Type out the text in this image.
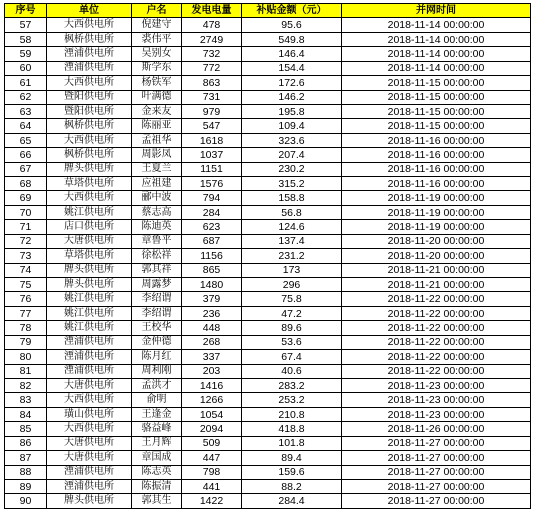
序号	单位	户名	发电电量	补贴金额（元）	并网时间
57	大西供电所	倪建守	478	95.6	2018-11-14 00:00:00
58	枫桥供电所	裘伟平	2749	549.8	2018-11-14 00:00:00
59	湮浦供电所	吴别女	732	146.4	2018-11-14 00:00:00
60	湮浦供电所	斯学东	772	154.4	2018-11-14 00:00:00
61	大西供电所	杨铁军	863	172.6	2018-11-15 00:00:00
62	暨阳供电所	叶满德	731	146.2	2018-11-15 00:00:00
63	暨阳供电所	金来友	979	195.8	2018-11-15 00:00:00
64	枫桥供电所	陈丽亚	547	109.4	2018-11-15 00:00:00
65	大西供电所	孟祖华	1618	323.6	2018-11-16 00:00:00
66	枫桥供电所	周影凤	1037	207.4	2018-11-16 00:00:00
67	牌头供电所	王夏兰	1151	230.2	2018-11-16 00:00:00
68	草塔供电所	应祖建	1576	315.2	2018-11-16 00:00:00
69	大西供电所	郦中波	794	158.8	2018-11-19 00:00:00
70	姚江供电所	蔡志高	284	56.8	2018-11-19 00:00:00
71	店口供电所	陈迪英	623	124.6	2018-11-19 00:00:00
72	大唐供电所	章鲁平	687	137.4	2018-11-20 00:00:00
73	草塔供电所	徐松祥	1156	231.2	2018-11-20 00:00:00
74	牌头供电所	郭其祥	865	173	2018-11-21 00:00:00
75	牌头供电所	周露梦	1480	296	2018-11-21 00:00:00
76	姚江供电所	李绍谓	379	75.8	2018-11-22 00:00:00
77	姚江供电所	李绍谓	236	47.2	2018-11-22 00:00:00
78	姚江供电所	王校华	448	89.6	2018-11-22 00:00:00
79	湮浦供电所	金仲德	268	53.6	2018-11-22 00:00:00
80	湮浦供电所	陈月红	337	67.4	2018-11-22 00:00:00
81	湮浦供电所	周利刚	203	40.6	2018-11-22 00:00:00
82	大唐供电所	孟洪才	1416	283.2	2018-11-23 00:00:00
83	大西供电所	俞明	1266	253.2	2018-11-23 00:00:00
84	璜山供电所	王逢金	1054	210.8	2018-11-23 00:00:00
85	大西供电所	骆益峰	2094	418.8	2018-11-26 00:00:00
86	大唐供电所	王月辉	509	101.8	2018-11-27 00:00:00
87	大唐供电所	章国成	447	89.4	2018-11-27 00:00:00
88	湮浦供电所	陈志英	798	159.6	2018-11-27 00:00:00
89	湮浦供电所	陈振清	441	88.2	2018-11-27 00:00:00
90	牌头供电所	郭其生	1422	284.4	2018-11-27 00:00:00
